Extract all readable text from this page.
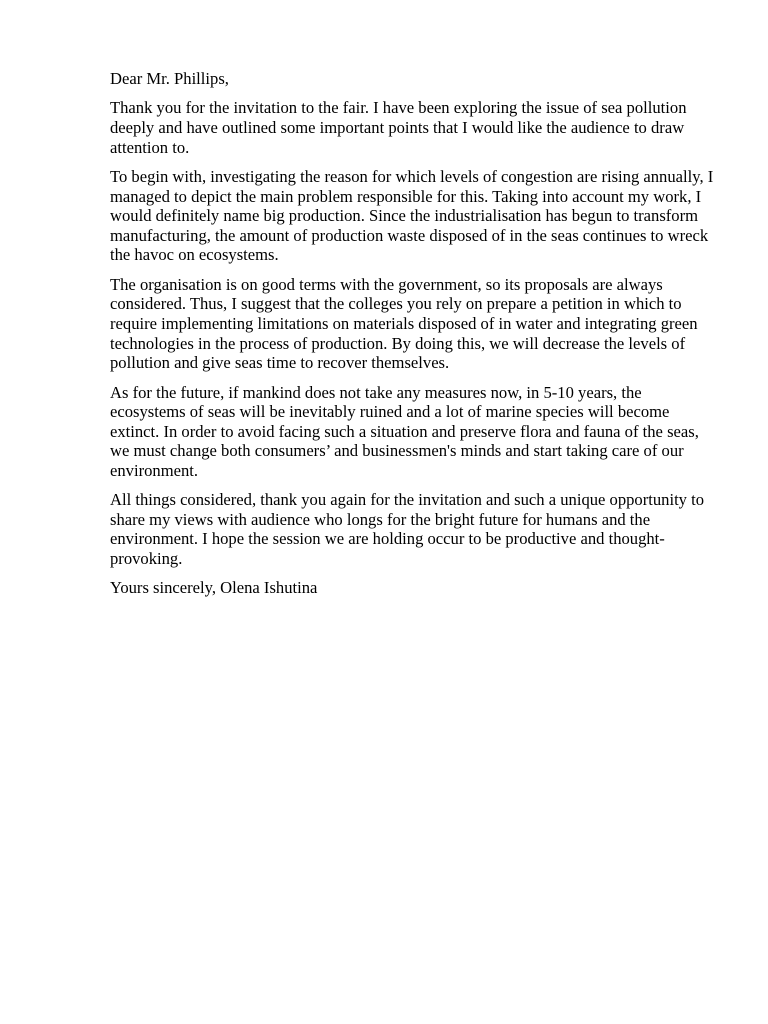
Dear Mr. Phillips,

Thank you for the invitation to the fair. I have been exploring the issue of sea pollution deeply and have outlined some important points that I would like the audience to draw attention to.

To begin with, investigating the reason for which levels of congestion are rising annually, I managed to depict the main problem responsible for this. Taking into account my work, I would definitely name big production. Since the industrialisation has begun to transform manufacturing, the amount of production waste disposed of in the seas continues to wreck the havoc on ecosystems.

The organisation is on good terms with the government, so its proposals are always considered. Thus, I suggest that the colleges you rely on prepare a petition in which to require implementing limitations on materials disposed of in water and integrating green technologies in the process of production. By doing this, we will decrease the levels of pollution and give seas time to recover themselves.

As for the future, if mankind does not take any measures now, in 5-10 years, the ecosystems of seas will be inevitably ruined and a lot of marine species will become extinct. In order to avoid facing such a situation and preserve flora and fauna of the seas, we must change both consumers’ and businessmen's minds and start taking care of our environment.

All things considered, thank you again for the invitation and such a unique opportunity to share my views with audience who longs for the bright future for humans and the environment. I hope the session we are holding occur to be productive and thought-provoking.

Yours sincerely, Olena Ishutina
